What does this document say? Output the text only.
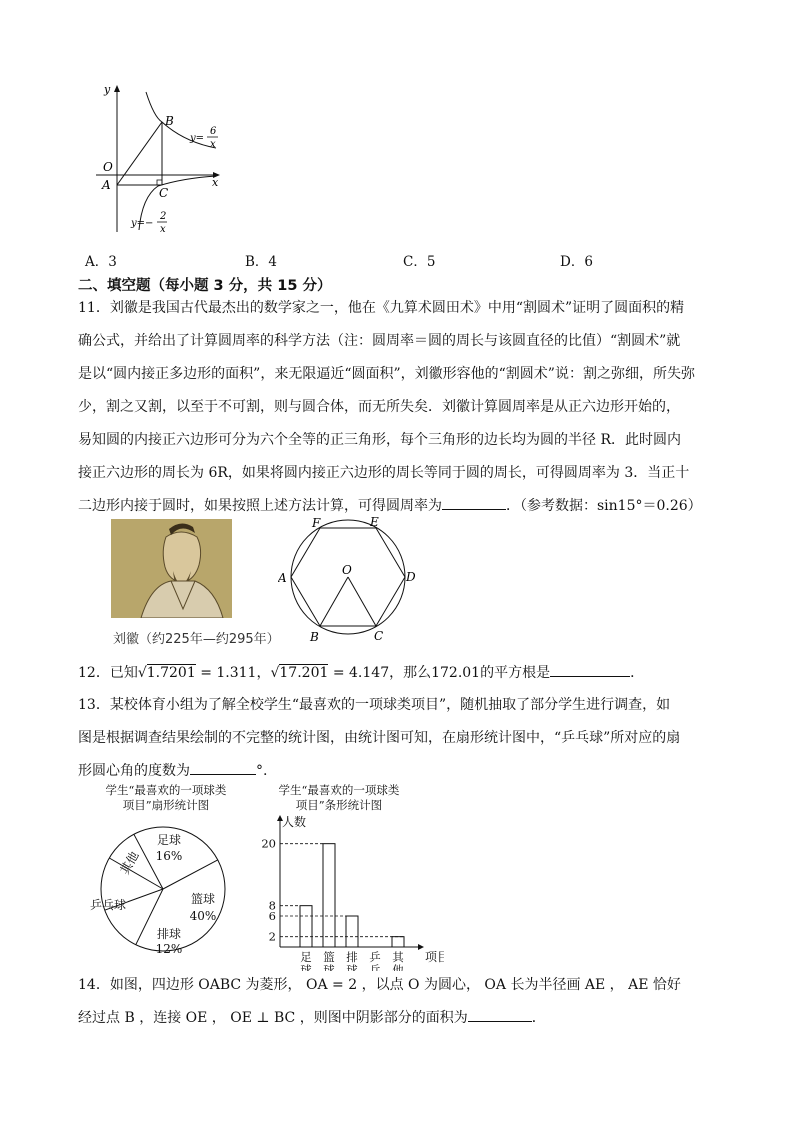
y
x
O
A
B
C
y=
6
x
y=−
2
x
A．3	B．4	C．5	D．6
二、填空题（每小题 3 分，共 15 分）
11．刘徽是我国古代最杰出的数学家之一，他在《九算术圆田术》中用“割圆术”证明了圆面积的精
确公式，并给出了计算圆周率的科学方法（注：圆周率＝圆的周长与该圆直径的比值）“割圆术”就
是以“圆内接正多边形的面积”，来无限逼近“圆面积”，刘徽形容他的“割圆术”说：割之弥细，所失弥
少，割之又割，以至于不可割，则与圆合体，而无所失矣．刘徽计算圆周率是从正六边形开始的，
易知圆的内接正六边形可分为六个全等的正三角形，每个三角形的边长均为圆的半径 R．此时圆内
接正六边形的周长为 6R，如果将圆内接正六边形的周长等同于圆的周长，可得圆周率为 3．当正十
二边形内接于圆时，如果按照上述方法计算，可得圆周率为	．（参考数据：sin15°＝0.26）
刘徽（约225年—约295年）
F	E
A
O	D
B	C
12．已知√1.7201 = 1.311，√17.201 = 4.147，那么172.01的平方根是	．
13．某校体育小组为了解全校学生“最喜欢的一项球类项目”，随机抽取了部分学生进行调查，如
图是根据调查结果绘制的不完整的统计图，由统计图可知，在扇形统计图中，“乒乓球”所对应的扇
形圆心角的度数为	°.
学生“最喜欢的一项球类
项目”扇形统计图
足球
16%
篮球
40%
排球
12%
乒乓球
其他
学生“最喜欢的一项球类
项目”条形统计图
人数
项目
足
球
篮
球
排
球
乒
乓
其
他
2
6
8
20
14．如图，四边形 OABC 为菱形， OA = 2 ，以点 O 为圆心， OA 长为半径画 AE ， AE 恰好
经过点 B ，连接 OE ， OE ⊥ BC ，则图中阴影部分的面积为	．
